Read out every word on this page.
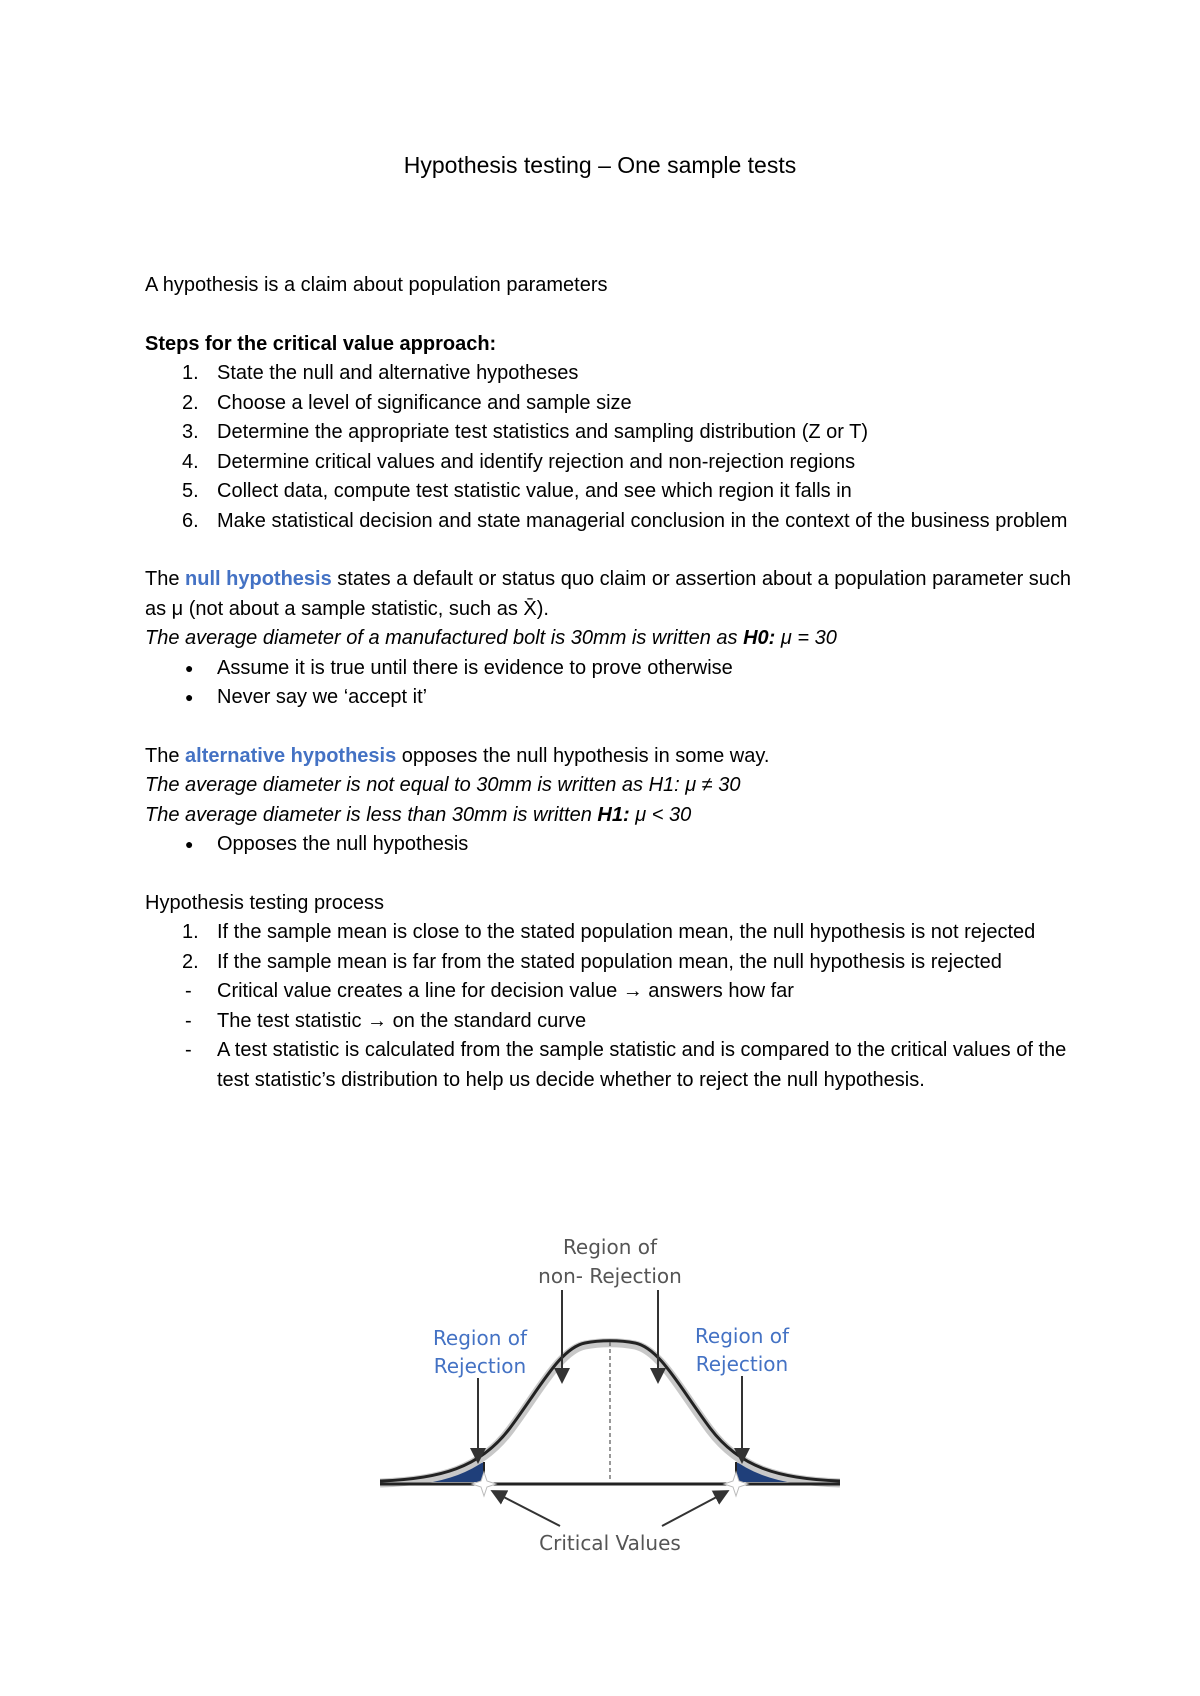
Hypothesis testing – One sample tests

A hypothesis is a claim about population parameters

Steps for the critical value approach:

1. State the null and alternative hypotheses
2. Choose a level of significance and sample size
3. Determine the appropriate test statistics and sampling distribution (Z or T)
4. Determine critical values and identify rejection and non-rejection regions
5. Collect data, compute test statistic value, and see which region it falls in
6. Make statistical decision and state managerial conclusion in the context of the business problem

The null hypothesis states a default or status quo claim or assertion about a population parameter such as μ (not about a sample statistic, such as X̄).

The average diameter of a manufactured bolt is 30mm is written as H0: μ = 30

●	Assume it is true until there is evidence to prove otherwise
●	Never say we ‘accept it’

The alternative hypothesis opposes the null hypothesis in some way.

The average diameter is not equal to 30mm is written as H1: μ ≠ 30

The average diameter is less than 30mm is written H1: μ < 30

●	Opposes the null hypothesis

Hypothesis testing process

1. If the sample mean is close to the stated population mean, the null hypothesis is not rejected
2. If the sample mean is far from the stated population mean, the null hypothesis is rejected
-	Critical value creates a line for decision value → answers how far
-	The test statistic → on the standard curve
-	A test statistic is calculated from the sample statistic and is compared to the critical values of the test statistic’s distribution to help us decide whether to reject the null hypothesis.
Region of
non- Rejection
Region of
Rejection
Region of
Rejection
Critical Values
